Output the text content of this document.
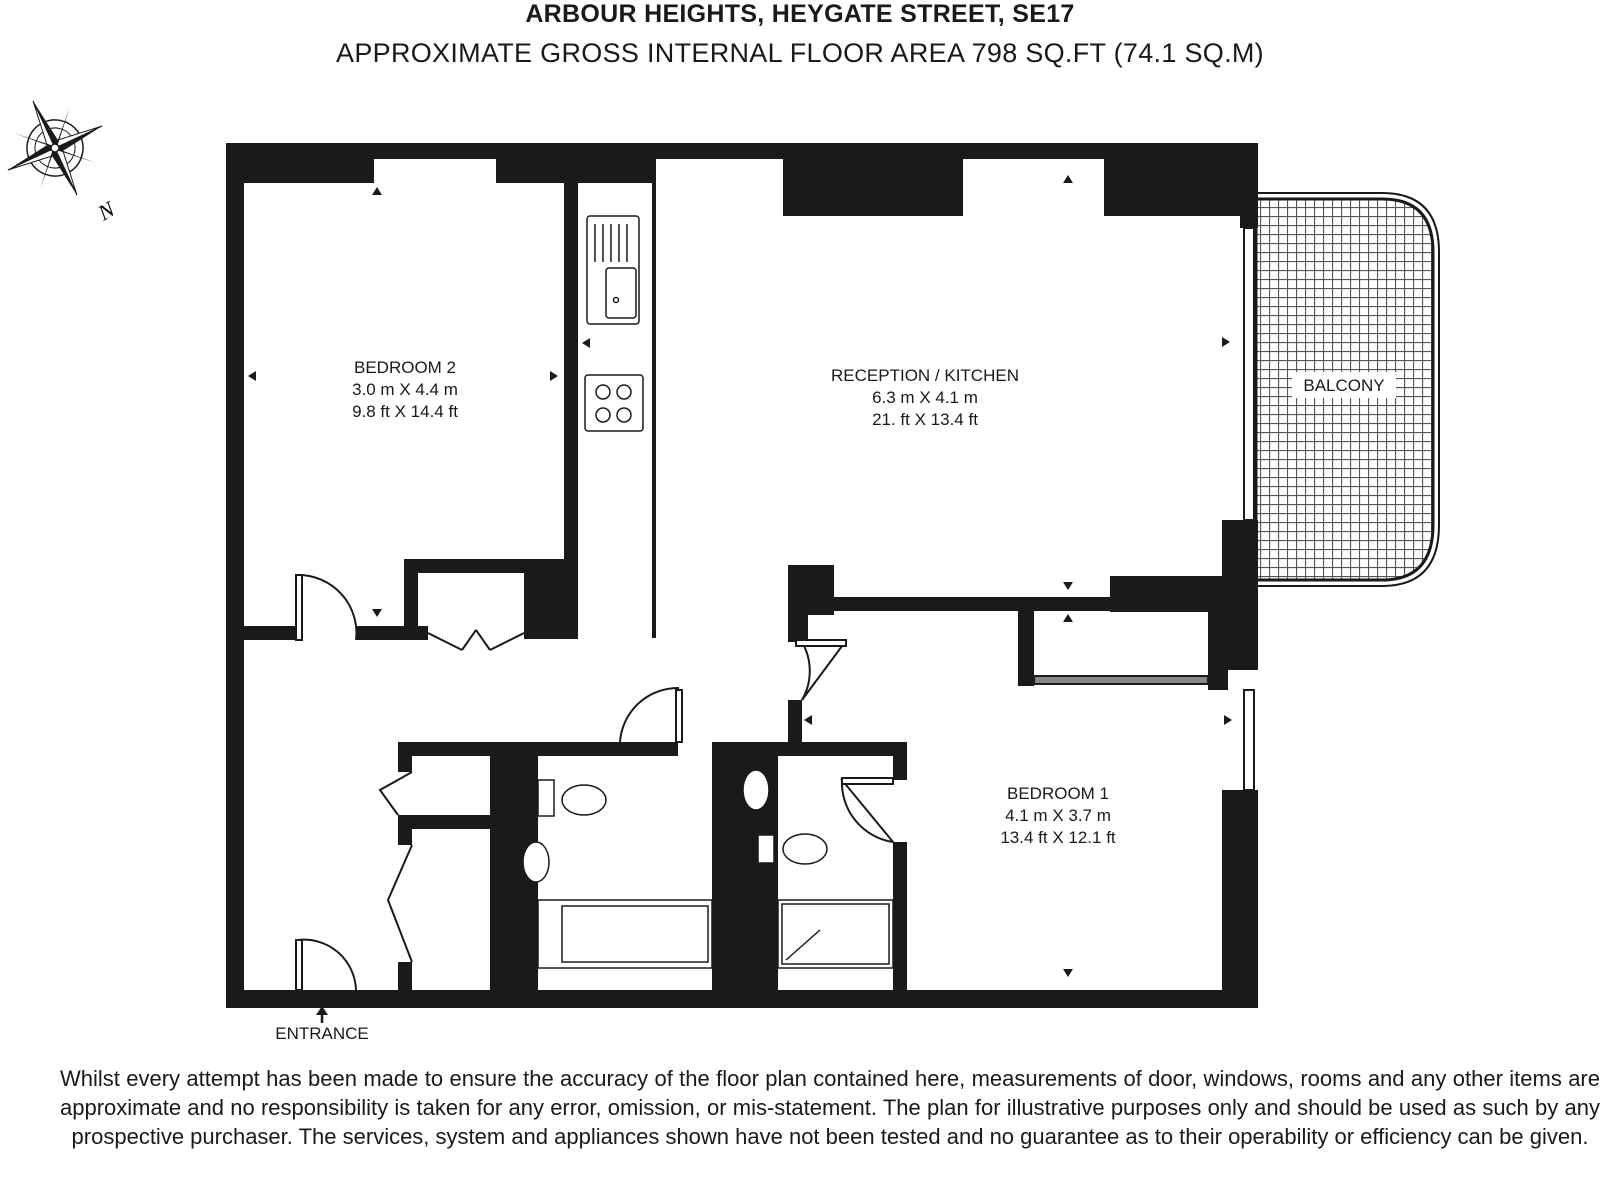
ARBOUR HEIGHTS, HEYGATE STREET, SE17
APPROXIMATE GROSS INTERNAL FLOOR AREA 798 SQ.FT (74.1 SQ.M)
N
BALCONY
BEDROOM 2
3.0 m X 4.4 m
9.8 ft X 14.4 ft
RECEPTION / KITCHEN
6.3 m X 4.1 m
21. ft X 13.4 ft
BEDROOM 1
4.1 m X 3.7 m
13.4 ft X 12.1 ft
ENTRANCE
Whilst every attempt has been made to ensure the accuracy of the floor plan contained here, measurements of door, windows, rooms and any other items are approximate and no responsibility is taken for any error, omission, or mis-statement. The plan for illustrative purposes only and should be used as such by any prospective purchaser. The services, system and appliances shown have not been tested and no guarantee as to their operability or efficiency can be given.
